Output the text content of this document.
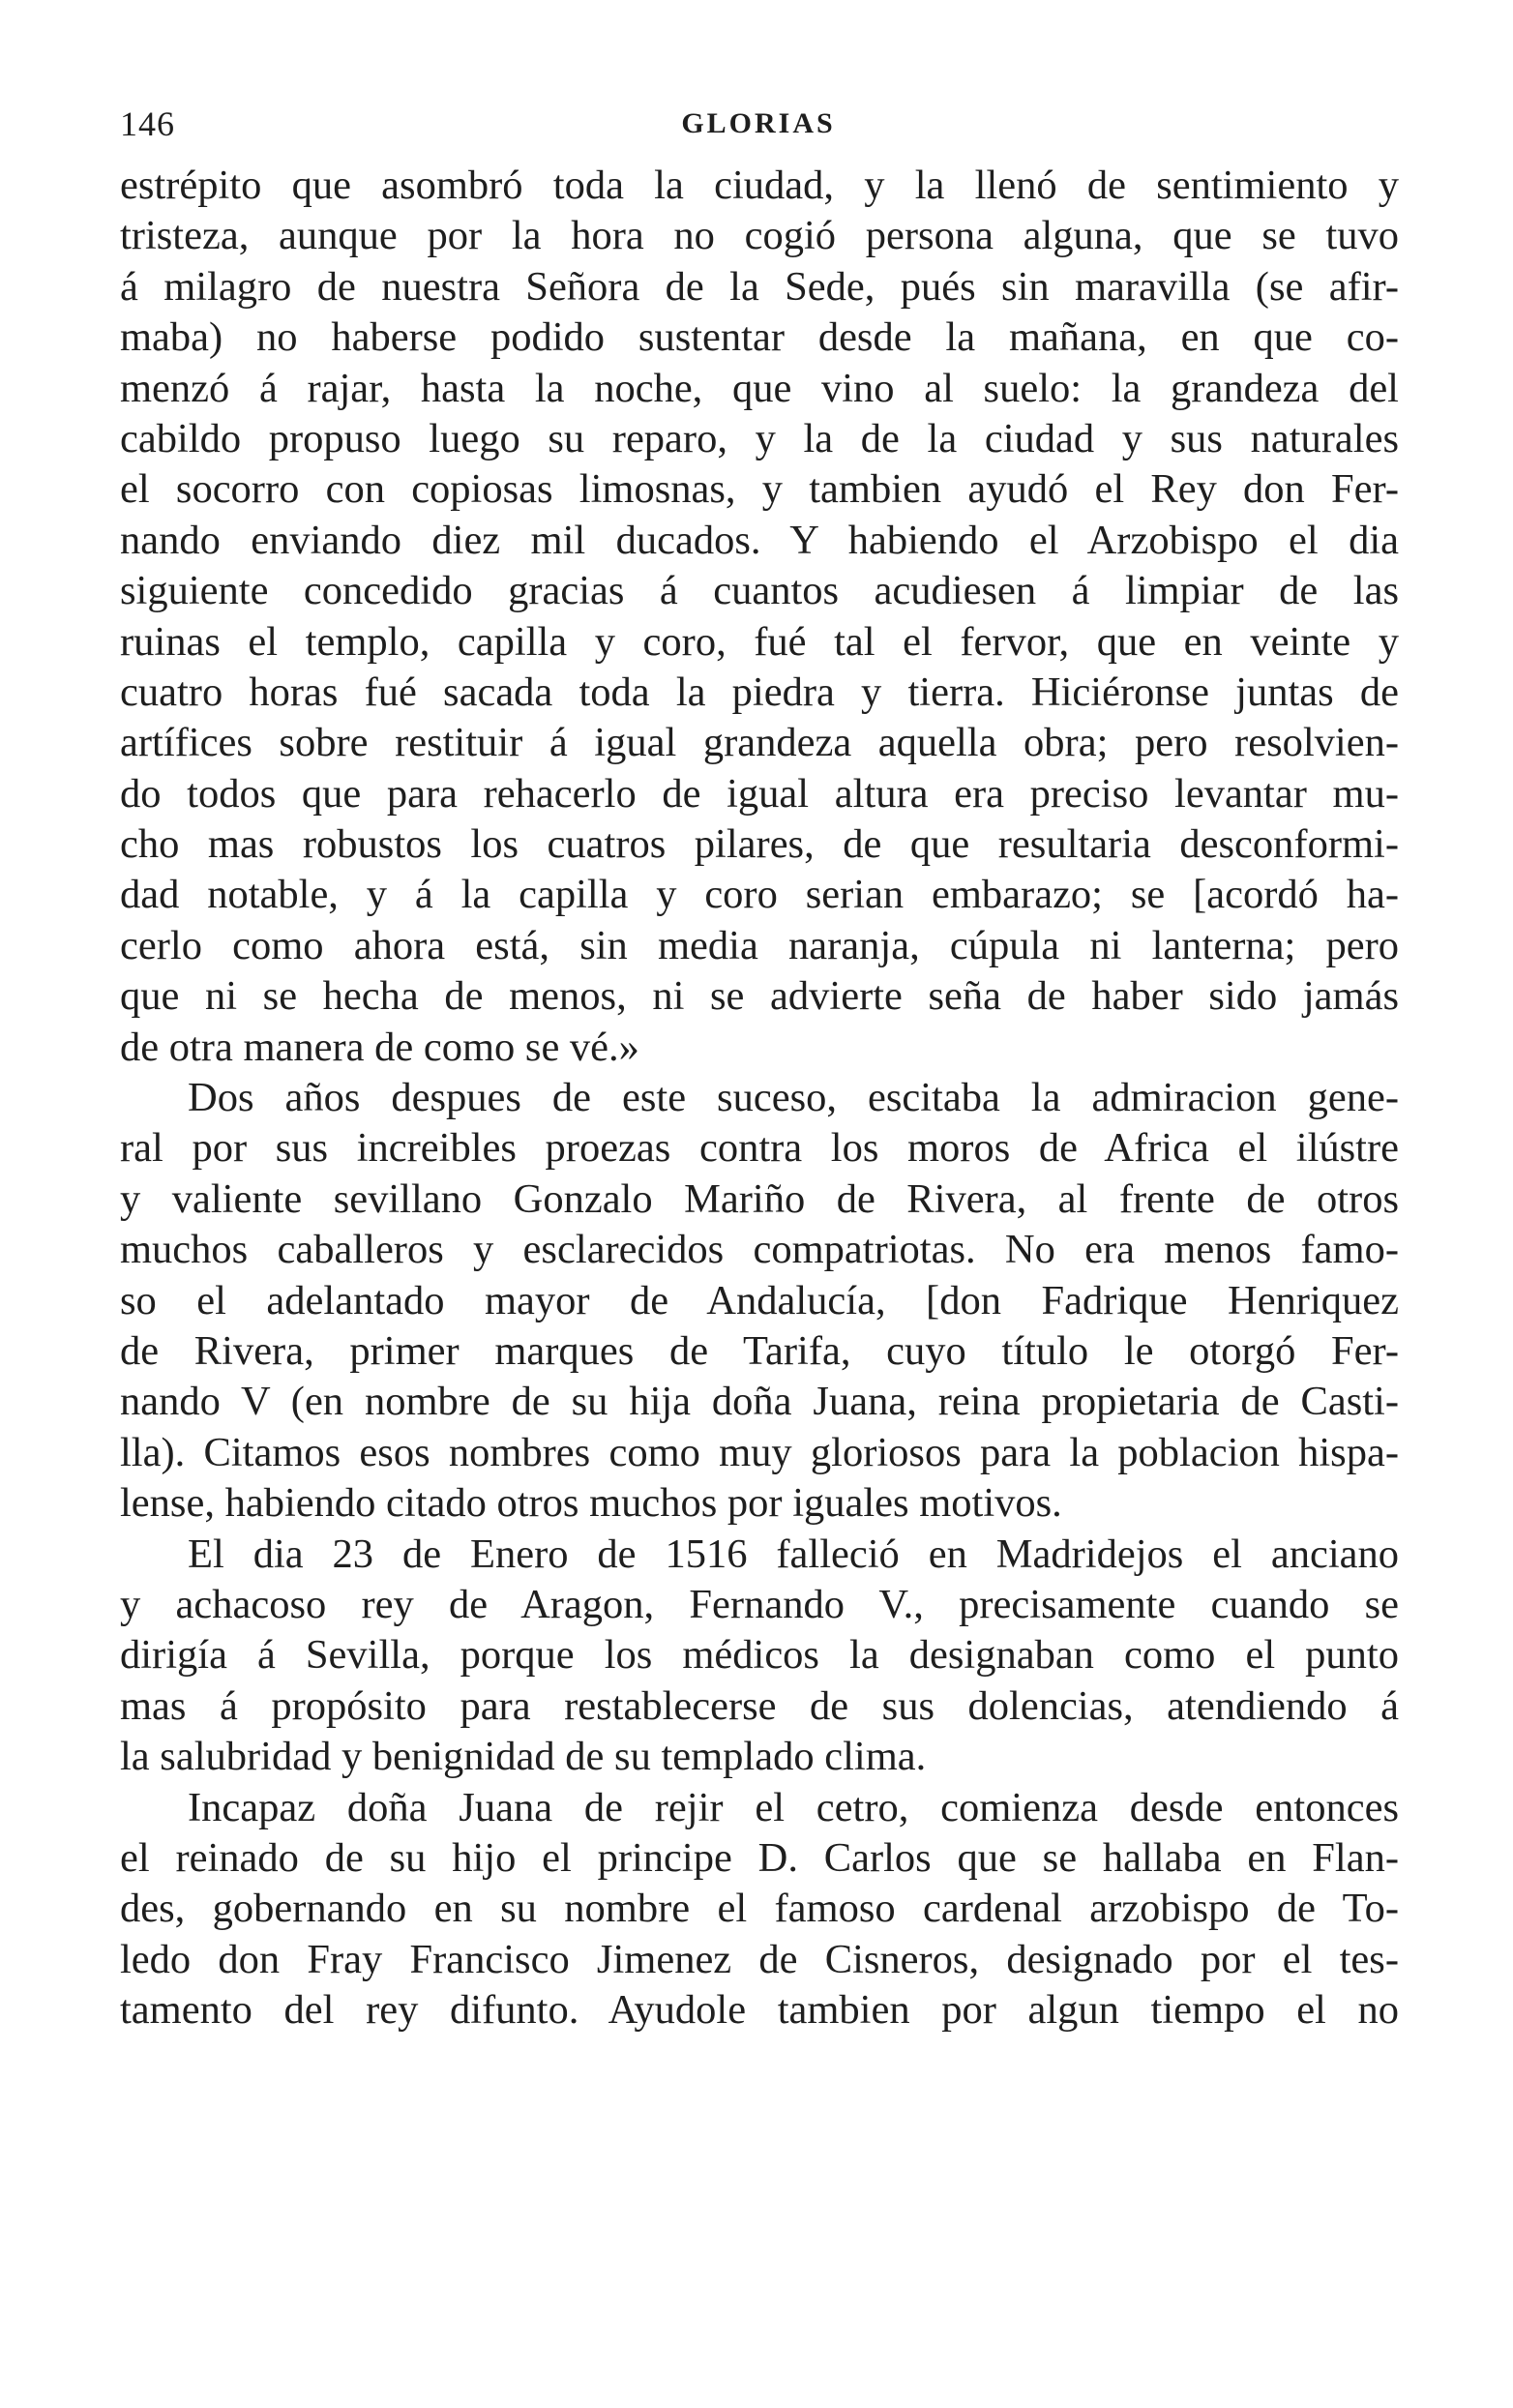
146	GLORIAS
estrépito que asombró toda la ciudad, y la llenó de sentimiento y
tristeza, aunque por la hora no cogió persona alguna, que se tuvo
á milagro de nuestra Señora de la Sede, pués sin maravilla (se afir-
maba) no haberse podido sustentar desde la mañana, en que co-
menzó á rajar, hasta la noche, que vino al suelo: la grandeza del
cabildo propuso luego su reparo, y la de la ciudad y sus naturales
el socorro con copiosas limosnas, y tambien ayudó el Rey don Fer-
nando enviando diez mil ducados. Y habiendo el Arzobispo el dia
siguiente concedido gracias á cuantos acudiesen á limpiar de las
ruinas el templo, capilla y coro, fué tal el fervor, que en veinte y
cuatro horas fué sacada toda la piedra y tierra. Hiciéronse juntas de
artífices sobre restituir á igual grandeza aquella obra; pero resolvien-
do todos que para rehacerlo de igual altura era preciso levantar mu-
cho mas robustos los cuatros pilares, de que resultaria desconformi-
dad notable, y á la capilla y coro serian embarazo; se [acordó ha-
cerlo como ahora está, sin media naranja, cúpula ni lanterna; pero
que ni se hecha de menos, ni se advierte seña de haber sido jamás
de otra manera de como se vé.»
Dos años despues de este suceso, escitaba la admiracion gene-
ral por sus increibles proezas contra los moros de Africa el ilústre
y valiente sevillano Gonzalo Mariño de Rivera, al frente de otros
muchos caballeros y esclarecidos compatriotas. No era menos famo-
so el adelantado mayor de Andalucía, [don Fadrique Henriquez
de Rivera, primer marques de Tarifa, cuyo título le otorgó Fer-
nando V (en nombre de su hija doña Juana, reina propietaria de Casti-
lla). Citamos esos nombres como muy gloriosos para la poblacion hispa-
lense, habiendo citado otros muchos por iguales motivos.
El dia 23 de Enero de 1516 falleció en Madridejos el anciano
y achacoso rey de Aragon, Fernando V., precisamente cuando se
dirigía á Sevilla, porque los médicos la designaban como el punto
mas á propósito para restablecerse de sus dolencias, atendiendo á
la salubridad y benignidad de su templado clima.
Incapaz doña Juana de rejir el cetro, comienza desde entonces
el reinado de su hijo el principe D. Carlos que se hallaba en Flan-
des, gobernando en su nombre el famoso cardenal arzobispo de To-
ledo don Fray Francisco Jimenez de Cisneros, designado por el tes-
tamento del rey difunto. Ayudole tambien por algun tiempo el no
